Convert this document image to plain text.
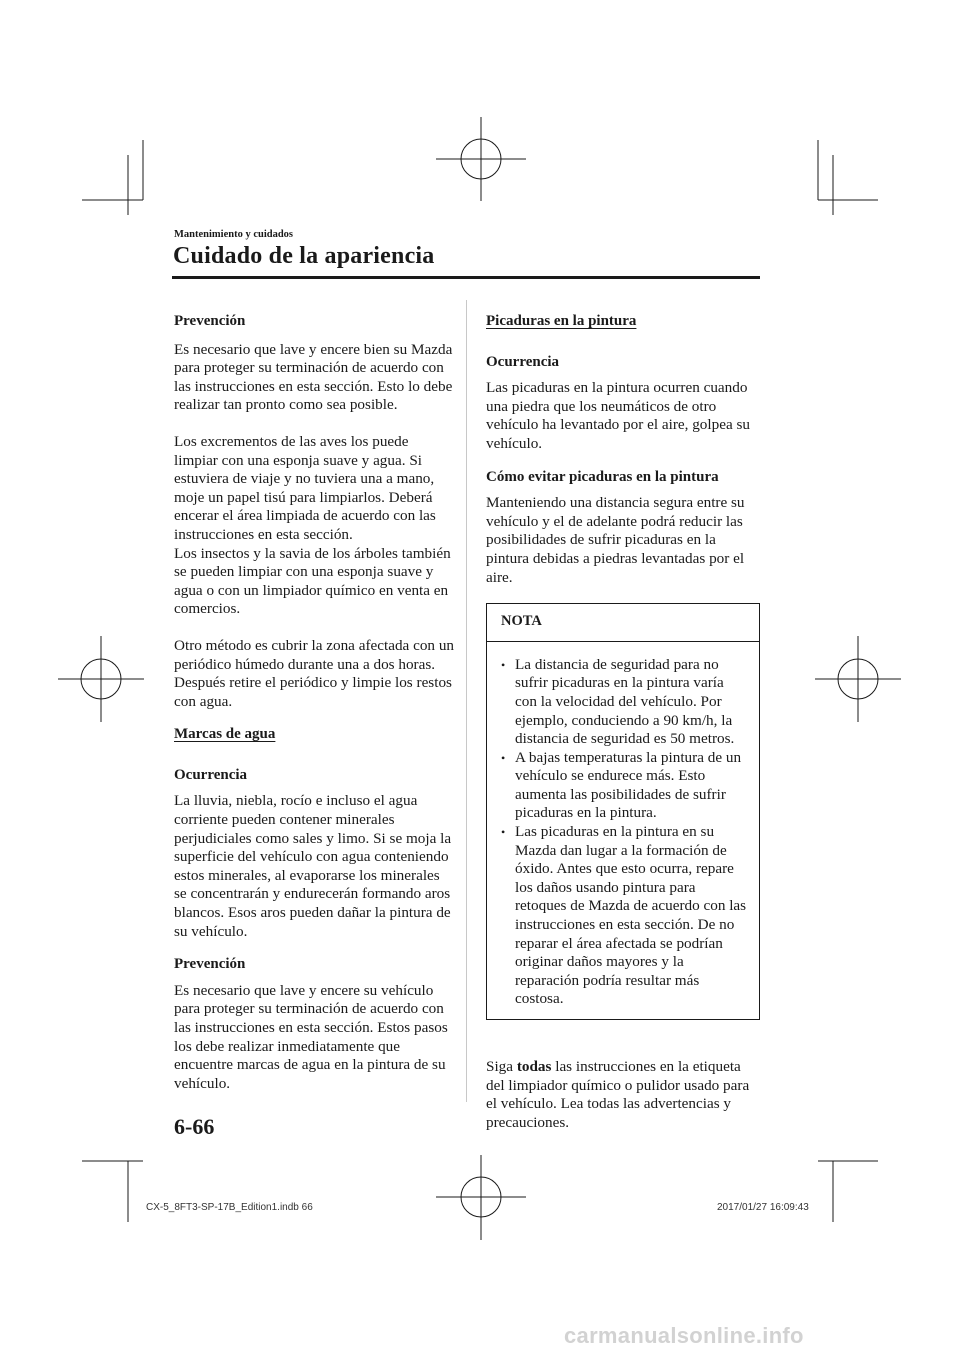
Mantenimiento y cuidados
Cuidado de la apariencia
Prevención

Es necesario que lave y encere bien su Mazda para proteger su terminación de acuerdo con las instrucciones en esta sección. Esto lo debe realizar tan pronto como sea posible.

Los excrementos de las aves los puede limpiar con una esponja suave y agua. Si estuviera de viaje y no tuviera una a mano, moje un papel tisú para limpiarlos. Deberá encerar el área limpiada de acuerdo con las instrucciones en esta sección.

Los insectos y la savia de los árboles también se pueden limpiar con una esponja suave y agua o con un limpiador químico en venta en comercios.

Otro método es cubrir la zona afectada con un periódico húmedo durante una a dos horas. Después retire el periódico y limpie los restos con agua.

Marcas de agua
Ocurrencia

La lluvia, niebla, rocío e incluso el agua corriente pueden contener minerales perjudiciales como sales y limo. Si se moja la superficie del vehículo con agua conteniendo estos minerales, al evaporarse los minerales se concentrarán y endurecerán formando aros blancos. Esos aros pueden dañar la pintura de su vehículo.

Prevención

Es necesario que lave y encere su vehículo para proteger su terminación de acuerdo con las instrucciones en esta sección. Estos pasos los debe realizar inmediatamente que encuentre marcas de agua en la pintura de su vehículo.

Picaduras en la pintura
Ocurrencia

Las picaduras en la pintura ocurren cuando una piedra que los neumáticos de otro vehículo ha levantado por el aire, golpea su vehículo.

Cómo evitar picaduras en la pintura

Manteniendo una distancia segura entre su vehículo y el de adelante podrá reducir las posibilidades de sufrir picaduras en la pintura debidas a piedras levantadas por el aire.

NOTA
• La distancia de seguridad para no sufrir picaduras en la pintura varía con la velocidad del vehículo. Por ejemplo, conduciendo a 90 km/h, la distancia de seguridad es 50 metros.
• A bajas temperaturas la pintura de un vehículo se endurece más. Esto aumenta las posibilidades de sufrir picaduras en la pintura.
• Las picaduras en la pintura en su Mazda dan lugar a la formación de óxido. Antes que esto ocurra, repare los daños usando pintura para retoques de Mazda de acuerdo con las instrucciones en esta sección. De no reparar el área afectada se podrían originar daños mayores y la reparación podría resultar más costosa.

Siga todas las instrucciones en la etiqueta del limpiador químico o pulidor usado para el vehículo. Lea todas las advertencias y precauciones.

6-66
CX-5_8FT3-SP-17B_Edition1.indb 66	2017/01/27 16:09:43
carmanualsonline.info
